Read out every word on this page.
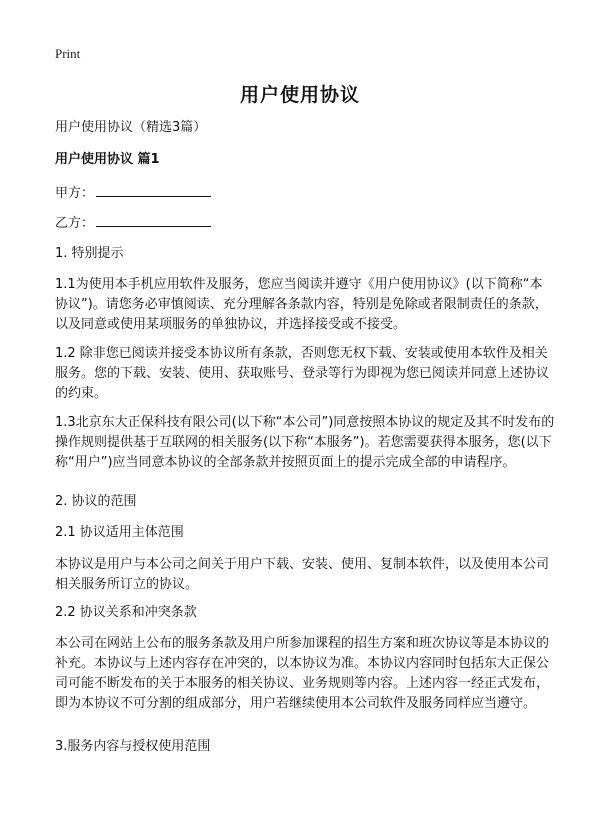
Print
用户使用协议
用户使用协议（精选3篇）
用户使用协议 篇1
甲方：
乙方：
1. 特别提示
1.1为使用本手机应用软件及服务，您应当阅读并遵守《用户使用协议》(以下简称“本协议”)。请您务必审慎阅读、充分理解各条款内容，特别是免除或者限制责任的条款，以及同意或使用某项服务的单独协议，并选择接受或不接受。
1.2 除非您已阅读并接受本协议所有条款，否则您无权下载、安装或使用本软件及相关服务。您的下载、安装、使用、获取账号、登录等行为即视为您已阅读并同意上述协议的约束。
1.3北京东大正保科技有限公司(以下称“本公司”)同意按照本协议的规定及其不时发布的操作规则提供基于互联网的相关服务(以下称“本服务”)。若您需要获得本服务，您(以下称“用户”)应当同意本协议的全部条款并按照页面上的提示完成全部的申请程序。
2. 协议的范围
2.1 协议适用主体范围
本协议是用户与本公司之间关于用户下载、安装、使用、复制本软件，以及使用本公司相关服务所订立的协议。
2.2 协议关系和冲突条款
本公司在网站上公布的服务条款及用户所参加课程的招生方案和班次协议等是本协议的补充。本协议与上述内容存在冲突的，以本协议为准。本协议内容同时包括东大正保公司可能不断发布的关于本服务的相关协议、业务规则等内容。上述内容一经正式发布，即为本协议不可分割的组成部分，用户若继续使用本公司软件及服务同样应当遵守。
3.服务内容与授权使用范围
